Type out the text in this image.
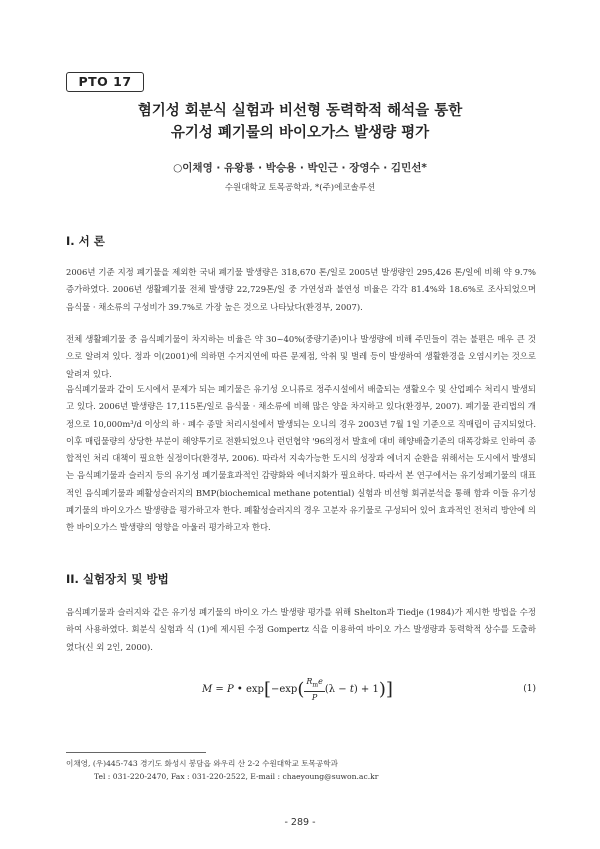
PTO 17
혐기성 회분식 실험과 비선형 동력학적 해석을 통한
유기성 폐기물의 바이오가스 발생량 평가
○이채영 · 유왕룡 · 박승용 · 박인근 · 장영수 · 김민선*
수원대학교 토목공학과, *(주)에코솔루션
I. 서 론

2006년 기준 지정 폐기물을 제외한 국내 폐기물 발생량은 318,670 톤/일로 2005년 발생량인 295,426 톤/일에 비해 약 9.7% 증가하였다. 2006년 생활폐기물 전체 발생량 22,729톤/일 중 가연성과 불연성 비율은 각각 81.4%와 18.6%로 조사되었으며 음식물 · 채소류의 구성비가 39.7%로 가장 높은 것으로 나타났다(환경부, 2007).

전체 생활폐기물 중 음식폐기물이 차지하는 비율은 약 30~40%(중량기준)이나 발생량에 비해 주민들이 겪는 불편은 매우 큰 것으로 알려져 있다. 정과 이(2001)에 의하면 수거지연에 따른 문제점, 악취 및 벌레 등이 발생하여 생활환경을 오염시키는 것으로 알려져 있다.

음식폐기물과 같이 도시에서 문제가 되는 폐기물은 유기성 오니류로 정주시설에서 배출되는 생활오수 및 산업폐수 처리시 발생되고 있다. 2006년 발생량은 17,115톤/일로 음식물 · 채소류에 비해 많은 양을 차지하고 있다(환경부, 2007). 폐기물 관리법의 개정으로 10,000m³/d 이상의 하 · 폐수 종말 처리시설에서 발생되는 오니의 경우 2003년 7월 1일 기준으로 직매립이 금지되었다. 이후 매립물량의 상당한 부분이 해양투기로 전환되었으나 런던협약 '96의정서 발효에 대비 해양배출기준의 대폭강화로 인하여 종합적인 처리 대책이 필요한 실정이다(환경부, 2006). 따라서 지속가능한 도시의 성장과 에너지 순환을 위해서는 도시에서 발생되는 음식폐기물과 슬러지 등의 유기성 폐기물효과적인 감량화와 에너지화가 필요하다. 따라서 본 연구에서는 유기성폐기물의 대표적인 음식폐기물과 폐활성슬러지의 BMP(biochemical methane potential) 실험과 비선형 회귀분석을 통해 함과 이들 유기성 폐기물의 바이오가스 발생량을 평가하고자 한다. 폐활성슬러지의 경우 고분자 유기물로 구성되어 있어 효과적인 전처리 방안에 의한 바이오가스 발생량의 영향을 아울러 평가하고자 한다.

II. 실험장치 및 방법

음식폐기물과 슬러지와 같은 유기성 폐기물의 바이오 가스 발생량 평가를 위해 Shelton과 Tiedje (1984)가 제시한 방법을 수정하여 사용하였다. 회분식 실험과 식 (1)에 제시된 수정 Gompertz 식을 이용하여 바이오 가스 발생량과 동력학적 상수를 도출하였다(신 외 2인, 2000).

M = P • $\exp[-\exp( \frac{R_me}{P} (\lambda - t) + 1)]$	(1)
이채영, (우)445-743 경기도 화성시 봉담읍 와우리 산 2-2 수원대학교 토목공학과
Tel : 031-220-2470, Fax : 031-220-2522, E-mail : chaeyoung@suwon.ac.kr
- 289 -
